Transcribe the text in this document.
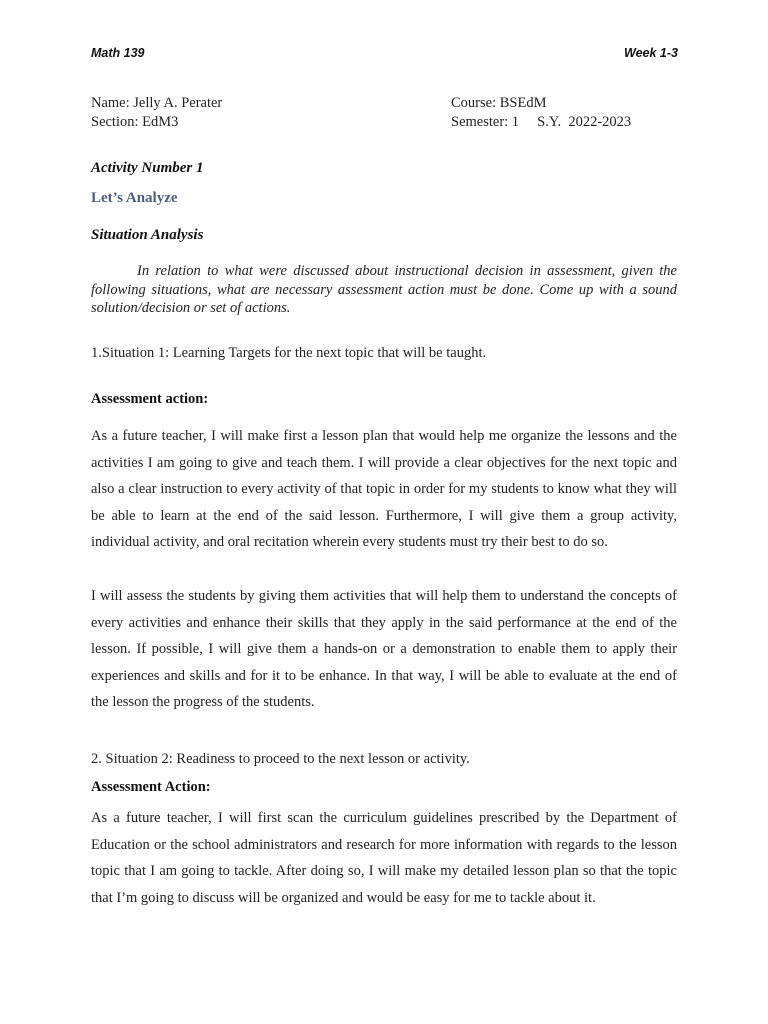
Math 139	Week 1-3
Name: Jelly A. Perater
Section: EdM3
Course: BSEdM
Semester: 1     S.Y.  2022-2023
Activity Number 1
Let’s Analyze
Situation Analysis
In relation to what were discussed about instructional decision in assessment, given the following situations, what are necessary assessment action must be done. Come up with a sound solution/decision or set of actions.
1.Situation 1: Learning Targets for the next topic that will be taught.
Assessment action:
As a future teacher, I will make first a lesson plan that would help me organize the lessons and the activities I am going to give and teach them. I will provide a clear objectives for the next topic and also a clear instruction to every activity of that topic in order for my students to know what they will be able to learn at the end of the said lesson. Furthermore, I will give them a group activity, individual activity, and oral recitation wherein every students must try their best to do so.
I will assess the students by giving them activities that will help them to understand the concepts of every activities and enhance their skills that they apply in the said performance at the end of the lesson. If possible, I will give them a hands-on or a demonstration to enable them to apply their experiences and skills and for it to be enhance. In that way, I will be able to evaluate at the end of the lesson the progress of the students.
2. Situation 2: Readiness to proceed to the next lesson or activity.
Assessment Action:
As a future teacher, I will first scan the curriculum guidelines prescribed by the Department of Education or the school administrators and research for more information with regards to the lesson topic that I am going to tackle. After doing so, I will make my detailed lesson plan so that the topic that I’m going to discuss will be organized and would be easy for me to tackle about it.
